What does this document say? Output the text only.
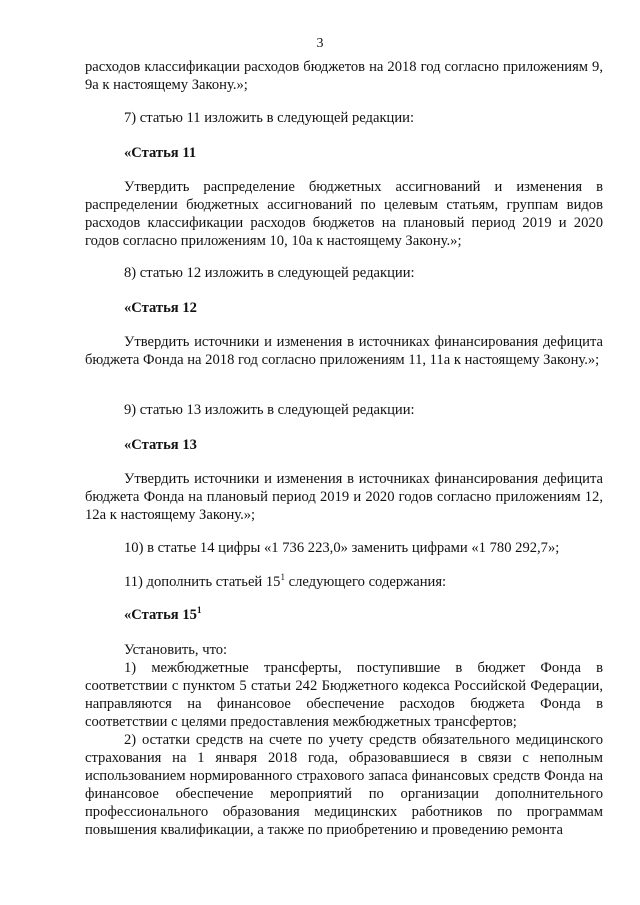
3
расходов классификации расходов бюджетов на 2018 год согласно приложениям 9, 9а к настоящему Закону.»;
7) статью 11 изложить в следующей редакции:
«Статья 11
Утвердить распределение бюджетных ассигнований и изменения в распределении бюджетных ассигнований по целевым статьям, группам видов расходов классификации расходов бюджетов на плановый период 2019 и 2020 годов согласно приложениям 10, 10а к настоящему Закону.»;
8) статью 12 изложить в следующей редакции:
«Статья 12
Утвердить источники и изменения в источниках финансирования дефицита бюджета Фонда на 2018 год согласно приложениям 11, 11а к настоящему Закону.»;
9) статью 13 изложить в следующей редакции:
«Статья 13
Утвердить источники и изменения в источниках финансирования дефицита бюджета Фонда на плановый период 2019 и 2020 годов согласно приложениям 12, 12а к настоящему Закону.»;
10) в статье 14 цифры «1 736 223,0» заменить цифрами «1 780 292,7»;
11) дополнить статьей $15^1$ следующего содержания:
«Статья $15^1$
Установить, что:
1) межбюджетные трансферты, поступившие в бюджет Фонда в соответствии с пунктом 5 статьи 242 Бюджетного кодекса Российской Федерации, направляются на финансовое обеспечение расходов бюджета Фонда в соответствии с целями предоставления межбюджетных трансфертов;
2) остатки средств на счете по учету средств обязательного медицинского страхования на 1 января 2018 года, образовавшиеся в связи с неполным использованием нормированного страхового запаса финансовых средств Фонда на финансовое обеспечение мероприятий по организации дополнительного профессионального образования медицинских работников по программам повышения квалификации, а также по приобретению и проведению ремонта
